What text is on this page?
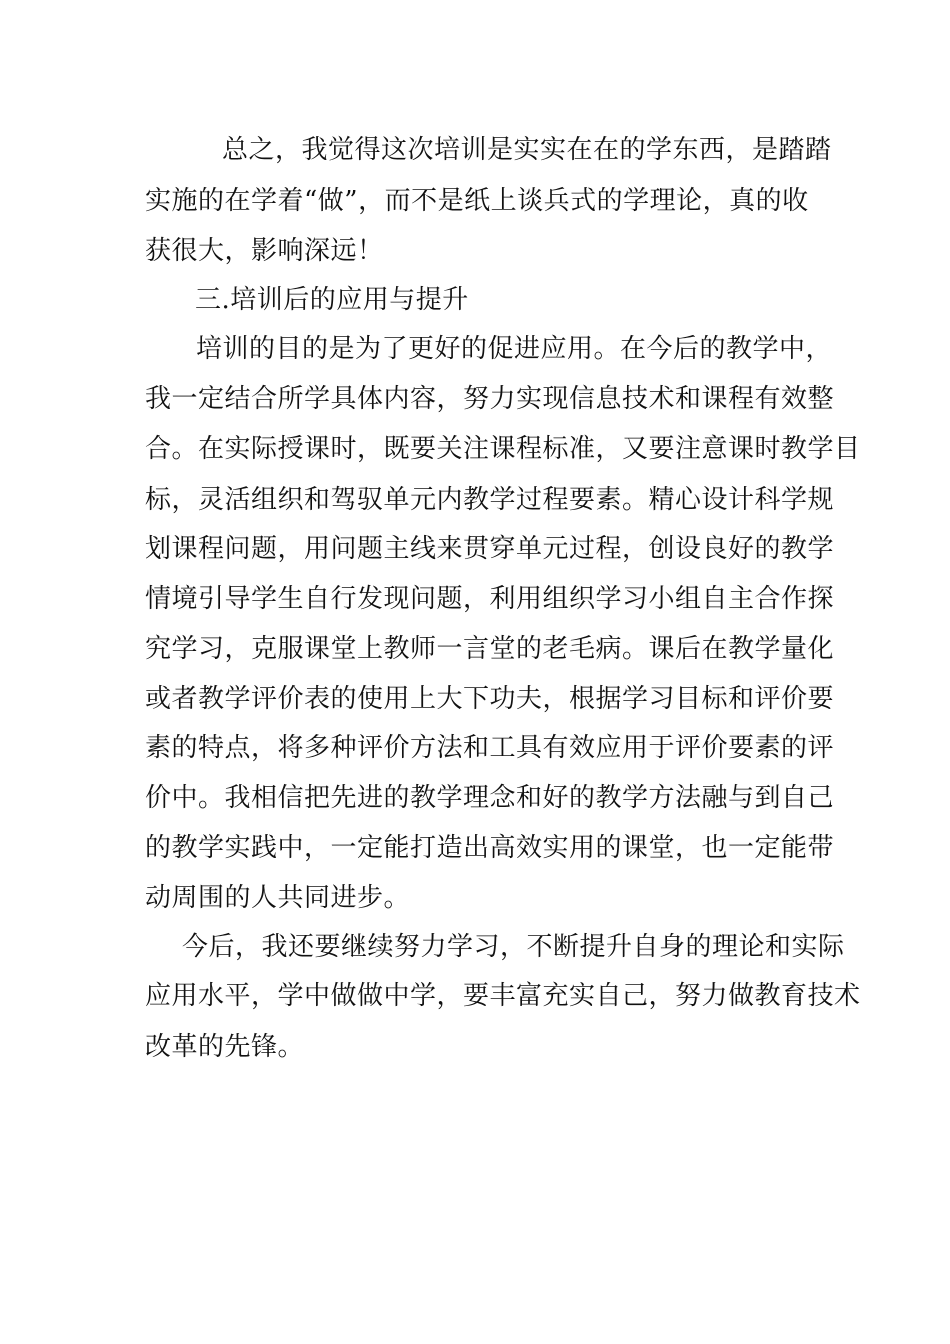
总之，我觉得这次培训是实实在在的学东西，是踏踏
实施的在学着“做”，而不是纸上谈兵式的学理论，真的收
获很大，影响深远！
三.培训后的应用与提升
培训的目的是为了更好的促进应用。在今后的教学中，
我一定结合所学具体内容，努力实现信息技术和课程有效整
合。在实际授课时，既要关注课程标准，又要注意课时教学目
标，灵活组织和驾驭单元内教学过程要素。精心设计科学规
划课程问题，用问题主线来贯穿单元过程，创设良好的教学
情境引导学生自行发现问题，利用组织学习小组自主合作探
究学习，克服课堂上教师一言堂的老毛病。课后在教学量化
或者教学评价表的使用上大下功夫，根据学习目标和评价要
素的特点，将多种评价方法和工具有效应用于评价要素的评
价中。我相信把先进的教学理念和好的教学方法融与到自己
的教学实践中，一定能打造出高效实用的课堂，也一定能带
动周围的人共同进步。
今后，我还要继续努力学习，不断提升自身的理论和实际
应用水平，学中做做中学，要丰富充实自己，努力做教育技术
改革的先锋。
